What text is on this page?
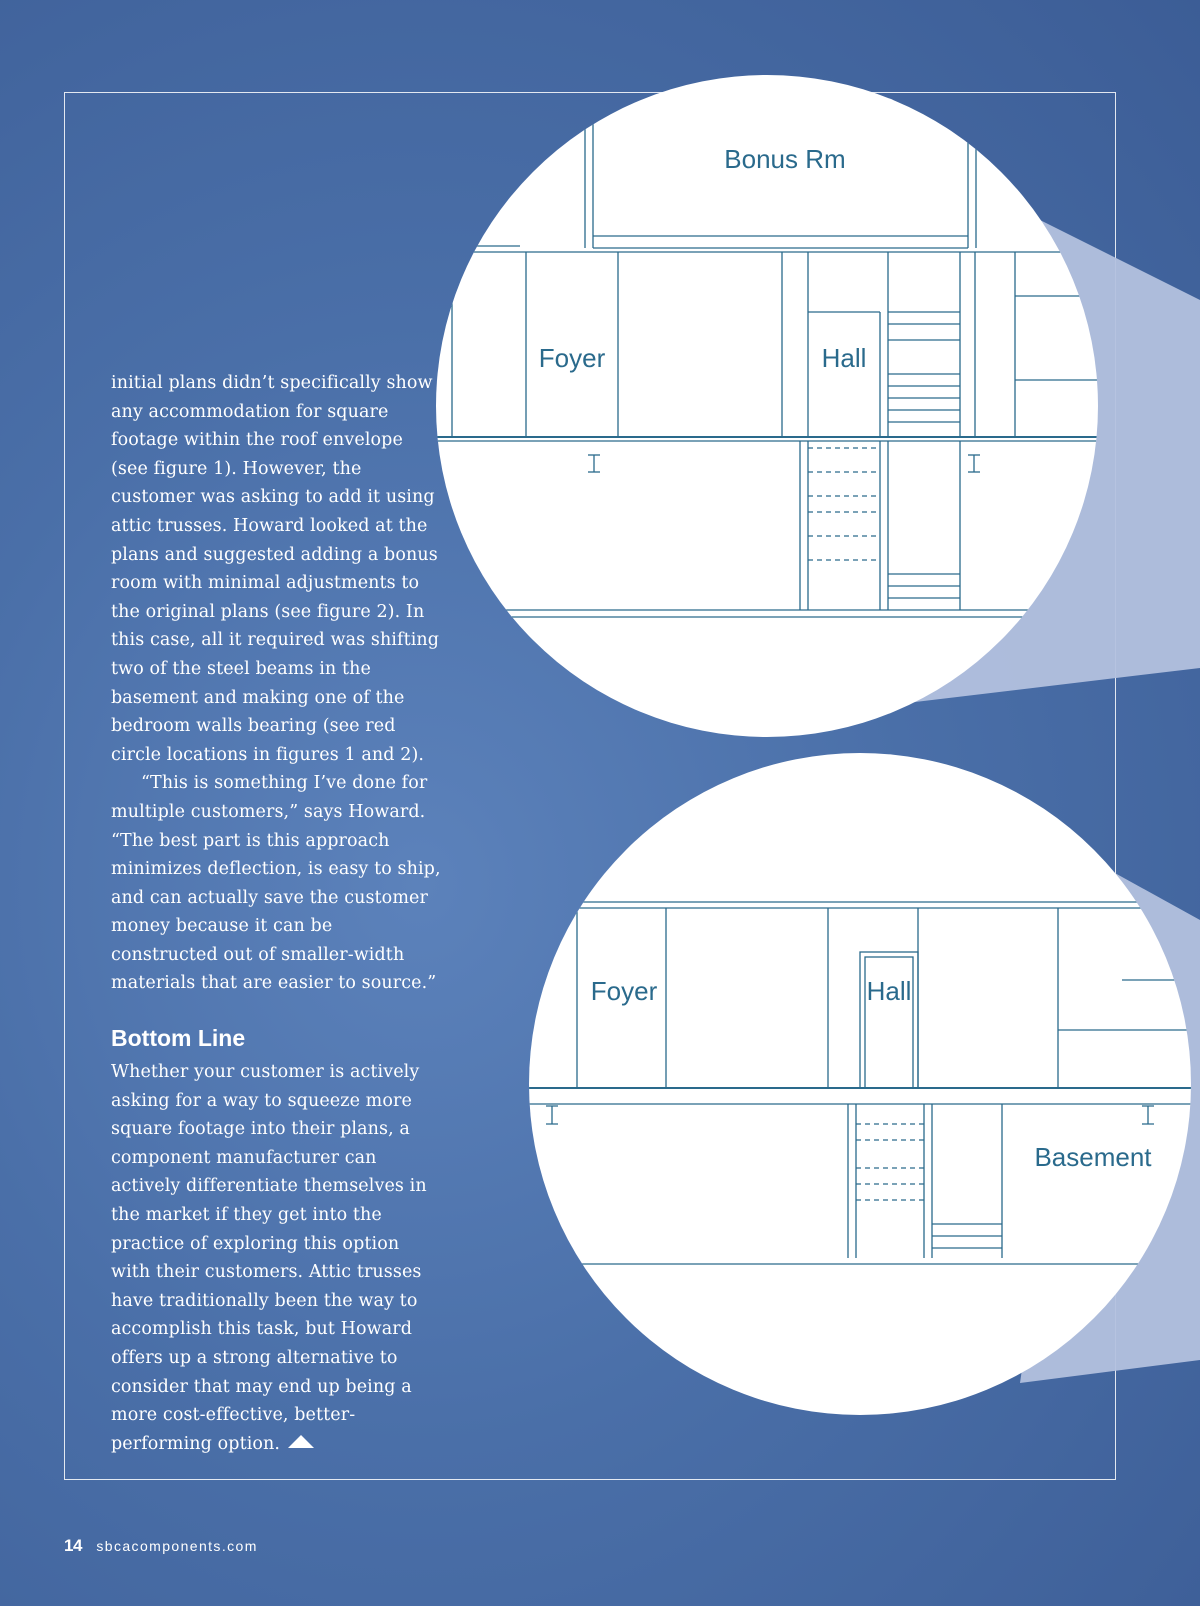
Bonus Rm
Foyer	Hall
Foyer	Hall
Basement

initial plans didn’t specifically show any accommodation for square footage within the roof envelope (see figure 1). However, the customer was asking to add it using attic trusses. Howard looked at the plans and suggested adding a bonus room with minimal adjustments to the original plans (see figure 2). In this case, all it required was shifting two of the steel beams in the basement and making one of the bedroom walls bearing (see red circle locations in figures 1 and 2).

“This is something I’ve done for multiple customers,” says Howard. “The best part is this approach minimizes deflection, is easy to ship, and can actually save the customer money because it can be constructed out of smaller-width materials that are easier to source.”

Bottom Line

Whether your customer is actively asking for a way to squeeze more square footage into their plans, a component manufacturer can actively differentiate themselves in the market if they get into the practice of exploring this option with their customers. Attic trusses have traditionally been the way to accomplish this task, but Howard offers up a strong alternative to consider that may end up being a more cost-effective, better-performing option.

14 sbcacomponents.com
